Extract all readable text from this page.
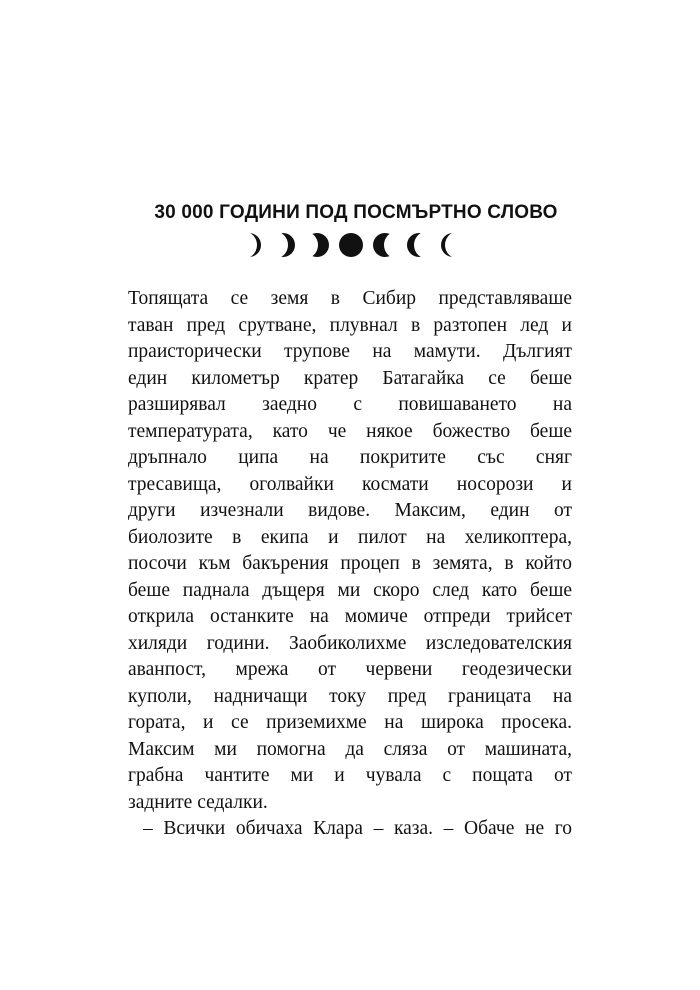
30 000 ГОДИНИ ПОД ПОСМЪРТНО СЛОВО
Топящата се земя в Сибир представляваше
таван пред срутване, плувнал в разтопен лед и
праисторически трупове на мамути. Дългият
един километър кратер Батагайка се беше
разширявал заедно с повишаването на
температурата, като че някое божество беше
дръпнало ципа на покритите със сняг
тресавища, оголвайки космати носорози и
други изчезнали видове. Максим, един от
биолозите в екипа и пилот на хеликоптера,
посочи към бакърения процеп в земята, в който
беше паднала дъщеря ми скоро след като беше
открила останките на момиче отпреди трийсет
хиляди години. Заобиколихме изследователския
аванпост, мрежа от червени геодезически
куполи, надничащи току пред границата на
гората, и се приземихме на широка просека.
Максим ми помогна да сляза от машината,
грабна чантите ми и чувала с пощата от
задните седалки.
– Всички обичаха Клара – каза. – Обаче не го
